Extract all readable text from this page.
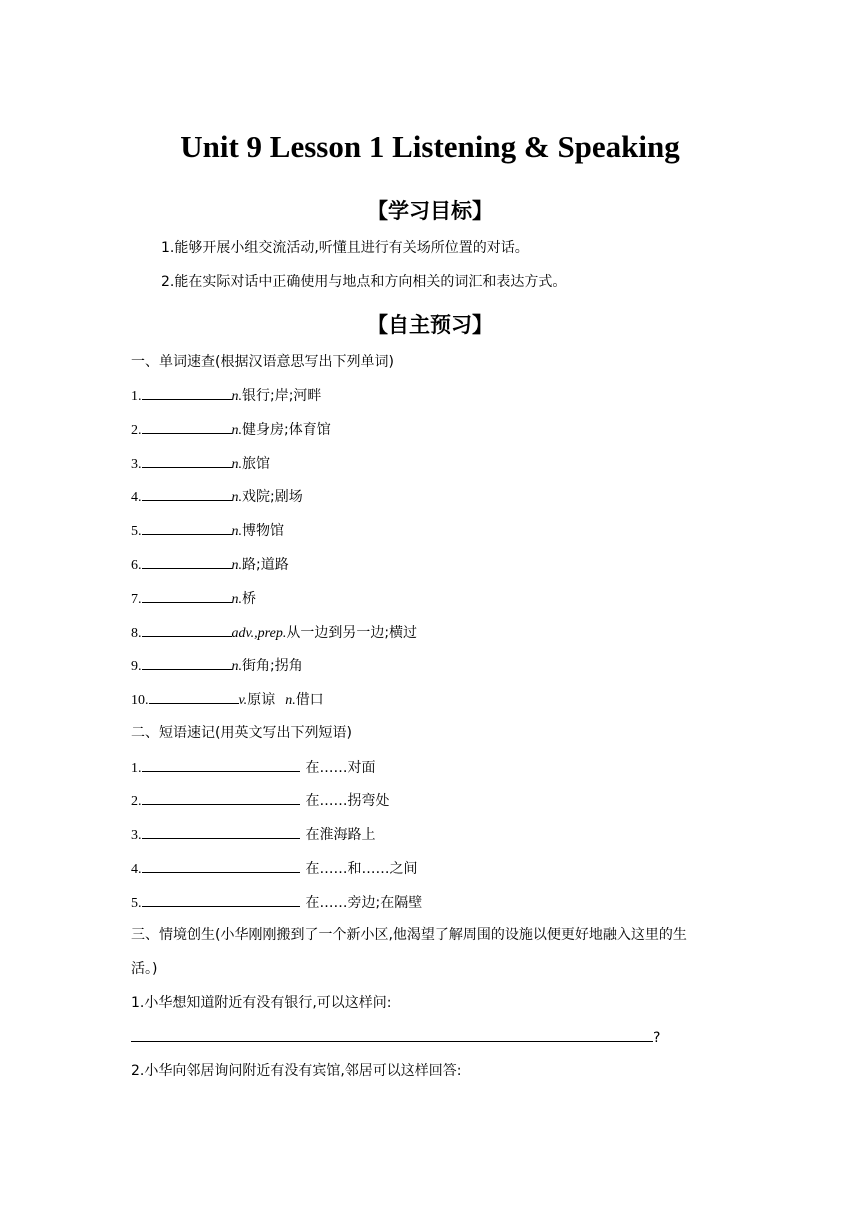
Unit 9 Lesson 1 Listening & Speaking
【学习目标】
1.能够开展小组交流活动,听懂且进行有关场所位置的对话。
2.能在实际对话中正确使用与地点和方向相关的词汇和表达方式。
【自主预习】
一、单词速查(根据汉语意思写出下列单词)
1.	n.银行;岸;河畔
2.	n.健身房;体育馆
3.	n.旅馆
4.	n.戏院;剧场
5.	n.博物馆
6.	n.路;道路
7.	n.桥
8.	adv.,prep.从一边到另一边;横过
9.	n.街角;拐角
10.	v.原谅 n.借口
二、短语速记(用英文写出下列短语)
1.	在……对面
2.	在……拐弯处
3.	在淮海路上
4.	在……和……之间
5.	在……旁边;在隔壁
三、情境创生(小华刚刚搬到了一个新小区,他渴望了解周围的设施以便更好地融入这里的生
活。)
1.小华想知道附近有没有银行,可以这样问:
?
2.小华向邻居询问附近有没有宾馆,邻居可以这样回答:
